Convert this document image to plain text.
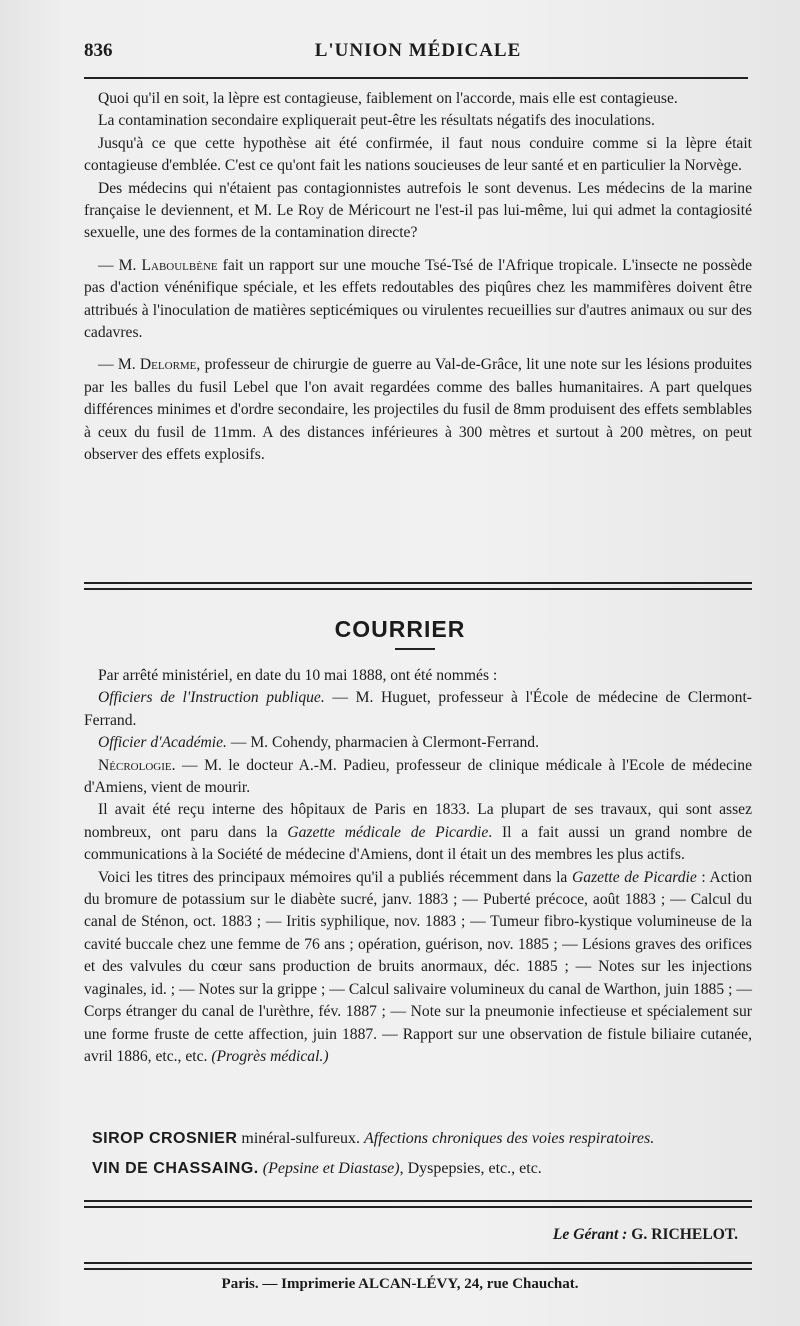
836	L'UNION MÉDICALE

Quoi qu'il en soit, la lèpre est contagieuse, faiblement on l'accorde, mais elle est contagieuse.

La contamination secondaire expliquerait peut-être les résultats négatifs des inoculations.

Jusqu'à ce que cette hypothèse ait été confirmée, il faut nous conduire comme si la lèpre était contagieuse d'emblée. C'est ce qu'ont fait les nations soucieuses de leur santé et en particulier la Norvège.

Des médecins qui n'étaient pas contagionnistes autrefois le sont devenus. Les médecins de la marine française le deviennent, et M. Le Roy de Méricourt ne l'est-il pas lui-même, lui qui admet la contagiosité sexuelle, une des formes de la contamination directe?

— M. Laboulbène fait un rapport sur une mouche Tsé-Tsé de l'Afrique tropicale. L'insecte ne possède pas d'action vénénifique spéciale, et les effets redoutables des piqûres chez les mammifères doivent être attribués à l'inoculation de matières septicémiques ou virulentes recueillies sur d'autres animaux ou sur des cadavres.

— M. Delorme, professeur de chirurgie de guerre au Val-de-Grâce, lit une note sur les lésions produites par les balles du fusil Lebel que l'on avait regardées comme des balles humanitaires. A part quelques différences minimes et d'ordre secondaire, les projectiles du fusil de 8mm produisent des effets semblables à ceux du fusil de 11mm. A des distances inférieures à 300 mètres et surtout à 200 mètres, on peut observer des effets explosifs.

COURRIER

Par arrêté ministériel, en date du 10 mai 1888, ont été nommés :

Officiers de l'Instruction publique. — M. Huguet, professeur à l'École de médecine de Clermont-Ferrand.

Officier d'Académie. — M. Cohendy, pharmacien à Clermont-Ferrand.

Nécrologie. — M. le docteur A.-M. Padieu, professeur de clinique médicale à l'Ecole de médecine d'Amiens, vient de mourir.

Il avait été reçu interne des hôpitaux de Paris en 1833. La plupart de ses travaux, qui sont assez nombreux, ont paru dans la Gazette médicale de Picardie. Il a fait aussi un grand nombre de communications à la Société de médecine d'Amiens, dont il était un des membres les plus actifs.

Voici les titres des principaux mémoires qu'il a publiés récemment dans la Gazette de Picardie : Action du bromure de potassium sur le diabète sucré, janv. 1883 ; — Puberté précoce, août 1883 ; — Calcul du canal de Sténon, oct. 1883 ; — Iritis syphilique, nov. 1883 ; — Tumeur fibro-kystique volumineuse de la cavité buccale chez une femme de 76 ans ; opération, guérison, nov. 1885 ; — Lésions graves des orifices et des valvules du cœur sans production de bruits anormaux, déc. 1885 ; — Notes sur les injections vaginales, id. ; — Notes sur la grippe ; — Calcul salivaire volumineux du canal de Warthon, juin 1885 ; — Corps étranger du canal de l'urèthre, fév. 1887 ; — Note sur la pneumonie infectieuse et spécialement sur une forme fruste de cette affection, juin 1887. — Rapport sur une observation de fistule biliaire cutanée, avril 1886, etc., etc. (Progrès médical.)

SIROP CROSNIER minéral-sulfureux. Affections chroniques des voies respiratoires.
VIN DE CHASSAING. (Pepsine et Diastase), Dyspepsies, etc., etc.
Le Gérant : G. RICHELOT.
Paris. — Imprimerie ALCAN-LÉVY, 24, rue Chauchat.
